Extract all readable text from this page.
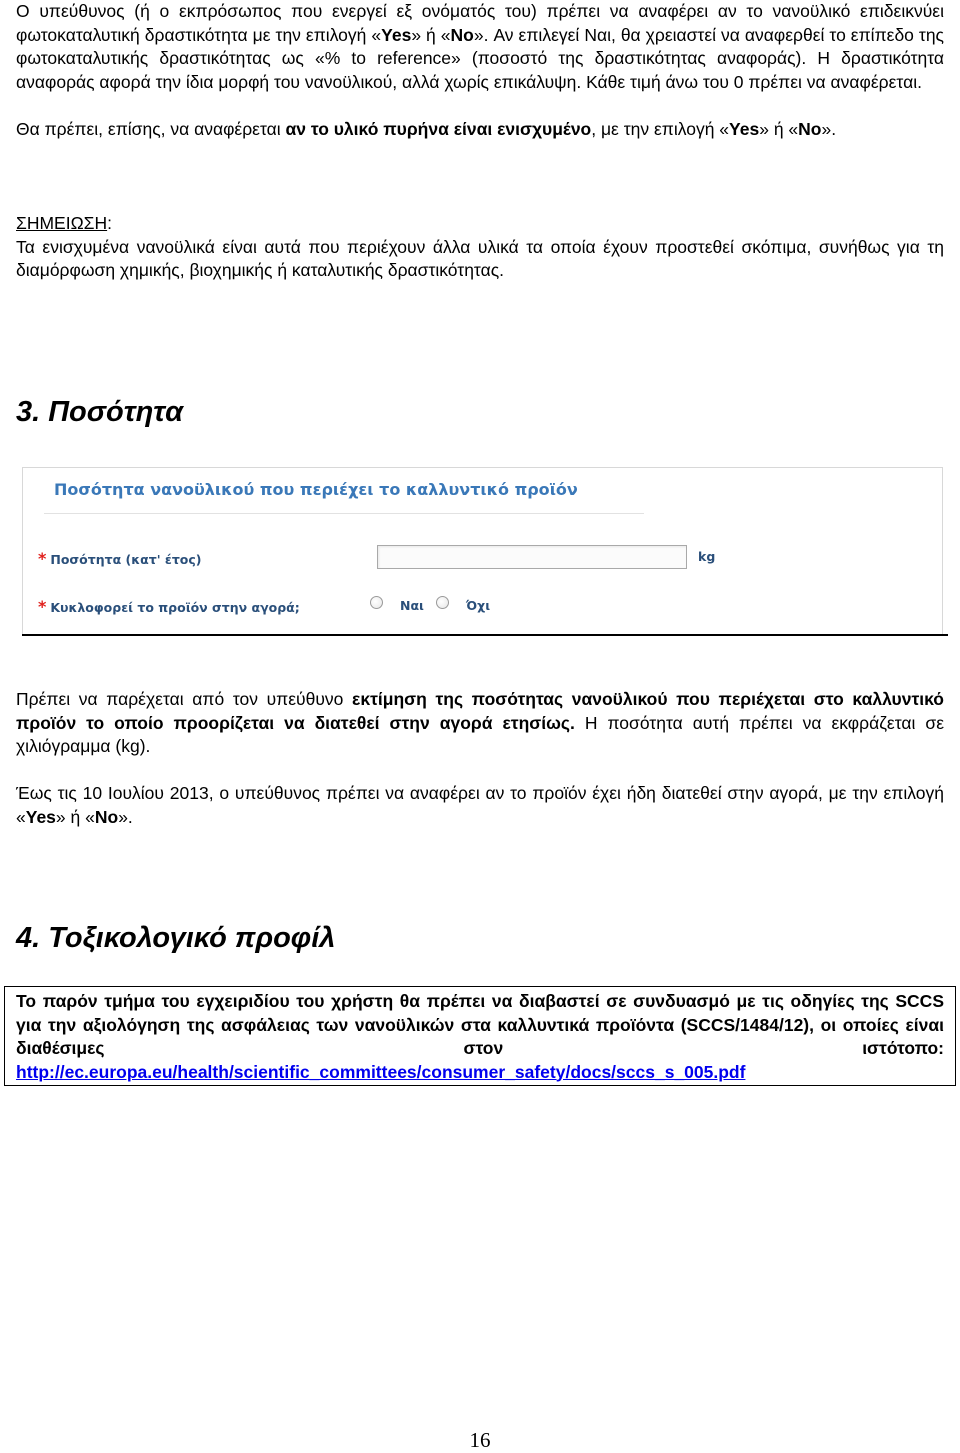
Ο υπεύθυνος (ή ο εκπρόσωπος που ενεργεί εξ ονόματός του) πρέπει να αναφέρει αν το νανοϋλικό επιδεικνύει φωτοκαταλυτική δραστικότητα με την επιλογή «Yes» ή «No». Αν επιλεγεί Ναι, θα χρειαστεί να αναφερθεί το επίπεδο της φωτοκαταλυτικής δραστικότητας ως «% to reference» (ποσοστό της δραστικότητας αναφοράς). Η δραστικότητα αναφοράς αφορά την ίδια μορφή του νανοϋλικού, αλλά χωρίς επικάλυψη. Κάθε τιμή άνω του 0 πρέπει να αναφέρεται.

Θα πρέπει, επίσης, να αναφέρεται αν το υλικό πυρήνα είναι ενισχυμένο, με την επιλογή «Yes» ή «No».

ΣΗΜΕΙΩΣΗ:
Τα ενισχυμένα νανοϋλικά είναι αυτά που περιέχουν άλλα υλικά τα οποία έχουν προστεθεί σκόπιμα, συνήθως για τη διαμόρφωση χημικής, βιοχημικής ή καταλυτικής δραστικότητας.

3. Ποσότητα
Ποσότητα νανοϋλικού που περιέχει το καλλυντικό προϊόν
* Ποσότητα (κατ' έτος)	kg
* Κυκλοφορεί το προϊόν στην αγορά;	Ναι	Όχι

Πρέπει να παρέχεται από τον υπεύθυνο εκτίμηση της ποσότητας νανοϋλικού που περιέχεται στο καλλυντικό προϊόν το οποίο προορίζεται να διατεθεί στην αγορά ετησίως. Η ποσότητα αυτή πρέπει να εκφράζεται σε χιλιόγραμμα (kg).

Έως τις 10 Ιουλίου 2013, ο υπεύθυνος πρέπει να αναφέρει αν το προϊόν έχει ήδη διατεθεί στην αγορά, με την επιλογή «Yes» ή «No».

4. Τοξικολογικό προφίλ

Το παρόν τμήμα του εγχειριδίου του χρήστη θα πρέπει να διαβαστεί σε συνδυασμό με τις οδηγίες της SCCS για την αξιολόγηση της ασφάλειας των νανοϋλικών στα καλλυντικά προϊόντα (SCCS/1484/12), οι οποίες είναι διαθέσιμες στον ιστότοπο: http://ec.europa.eu/health/scientific_committees/consumer_safety/docs/sccs_s_005.pdf

16
